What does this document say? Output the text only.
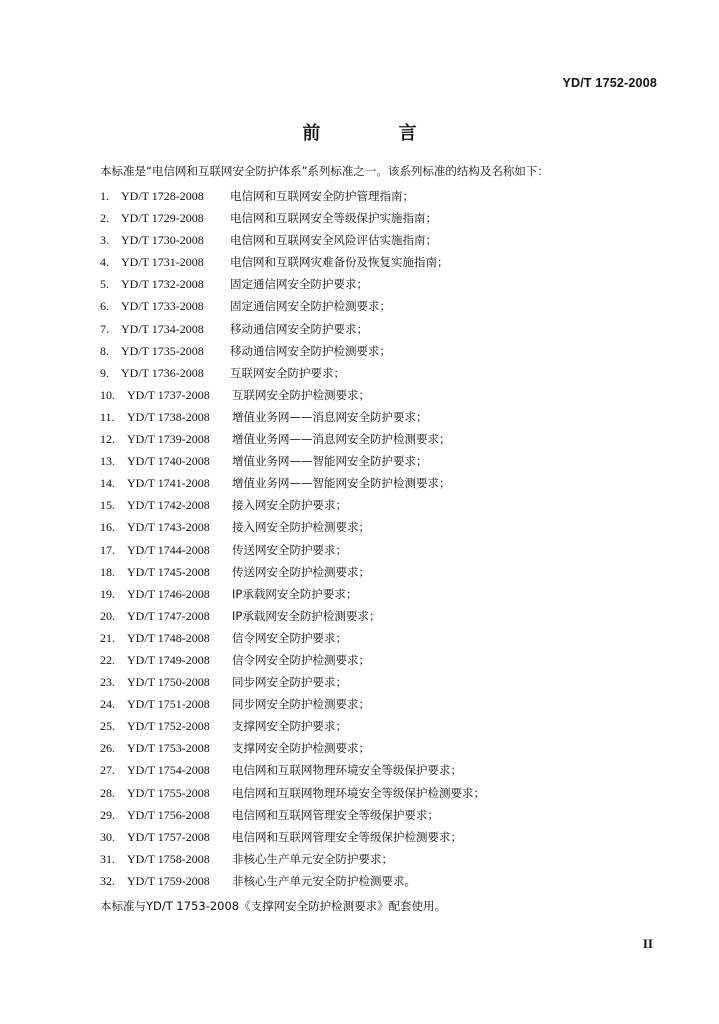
YD/T 1752-2008
前 言
本标准是“电信网和互联网安全防护体系”系列标准之一。该系列标准的结构及名称如下：
1.	YD/T 1728-2008	电信网和互联网安全防护管理指南；
2.	YD/T 1729-2008	电信网和互联网安全等级保护实施指南；
3.	YD/T 1730-2008	电信网和互联网安全风险评估实施指南；
4.	YD/T 1731-2008	电信网和互联网灾难备份及恢复实施指南；
5.	YD/T 1732-2008	固定通信网安全防护要求；
6.	YD/T 1733-2008	固定通信网安全防护检测要求；
7.	YD/T 1734-2008	移动通信网安全防护要求；
8.	YD/T 1735-2008	移动通信网安全防护检测要求；
9.	YD/T 1736-2008	互联网安全防护要求；
10.	YD/T 1737-2008	互联网安全防护检测要求；
11.	YD/T 1738-2008	增值业务网——消息网安全防护要求；
12.	YD/T 1739-2008	增值业务网——消息网安全防护检测要求；
13.	YD/T 1740-2008	增值业务网——智能网安全防护要求；
14.	YD/T 1741-2008	增值业务网——智能网安全防护检测要求；
15.	YD/T 1742-2008	接入网安全防护要求；
16.	YD/T 1743-2008	接入网安全防护检测要求；
17.	YD/T 1744-2008	传送网安全防护要求；
18.	YD/T 1745-2008	传送网安全防护检测要求；
19.	YD/T 1746-2008	IP承载网安全防护要求；
20.	YD/T 1747-2008	IP承载网安全防护检测要求；
21.	YD/T 1748-2008	信令网安全防护要求；
22.	YD/T 1749-2008	信令网安全防护检测要求；
23.	YD/T 1750-2008	同步网安全防护要求；
24.	YD/T 1751-2008	同步网安全防护检测要求；
25.	YD/T 1752-2008	支撑网安全防护要求；
26.	YD/T 1753-2008	支撑网安全防护检测要求；
27.	YD/T 1754-2008	电信网和互联网物理环境安全等级保护要求；
28.	YD/T 1755-2008	电信网和互联网物理环境安全等级保护检测要求；
29.	YD/T 1756-2008	电信网和互联网管理安全等级保护要求；
30.	YD/T 1757-2008	电信网和互联网管理安全等级保护检测要求；
31.	YD/T 1758-2008	非核心生产单元安全防护要求；
32.	YD/T 1759-2008	非核心生产单元安全防护检测要求。
本标准与YD/T 1753-2008《支撑网安全防护检测要求》配套使用。
II
